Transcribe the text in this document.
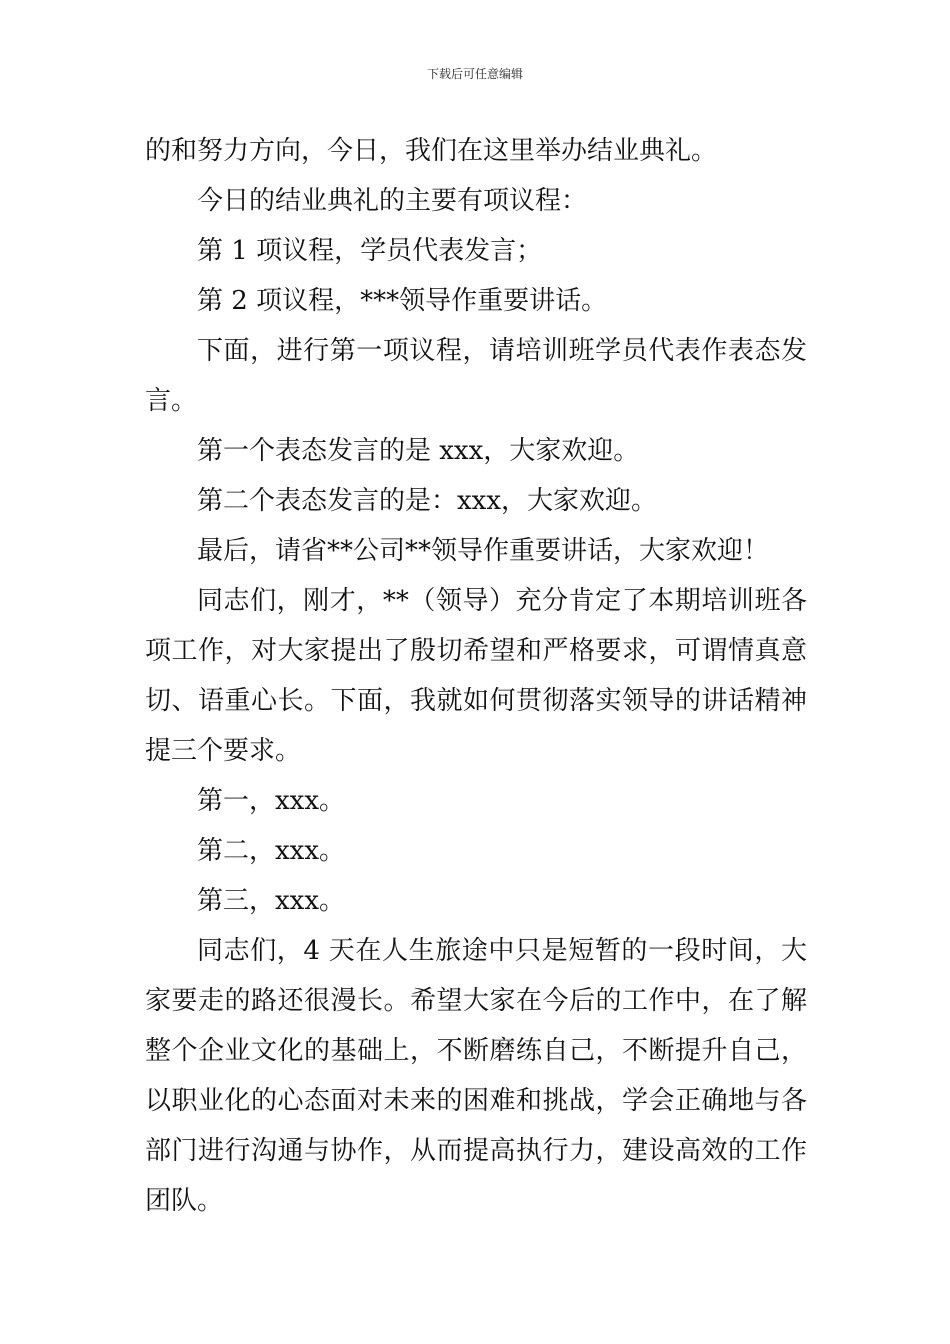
下载后可任意编辑

的和努力方向，今日，我们在这里举办结业典礼。

今日的结业典礼的主要有项议程：

第 1 项议程，学员代表发言；

第 2 项议程，***领导作重要讲话。

下面，进行第一项议程，请培训班学员代表作表态发言。

第一个表态发言的是 xxx，大家欢迎。

第二个表态发言的是：xxx，大家欢迎。

最后，请省**公司**领导作重要讲话，大家欢迎！

同志们，刚才，**（领导）充分肯定了本期培训班各项工作，对大家提出了殷切希望和严格要求，可谓情真意切、语重心长。下面，我就如何贯彻落实领导的讲话精神提三个要求。

第一，xxx。

第二，xxx。

第三，xxx。

同志们，4 天在人生旅途中只是短暂的一段时间，大家要走的路还很漫长。希望大家在今后的工作中，在了解整个企业文化的基础上，不断磨练自己，不断提升自己，以职业化的心态面对未来的困难和挑战，学会正确地与各部门进行沟通与协作，从而提高执行力，建设高效的工作团队。
